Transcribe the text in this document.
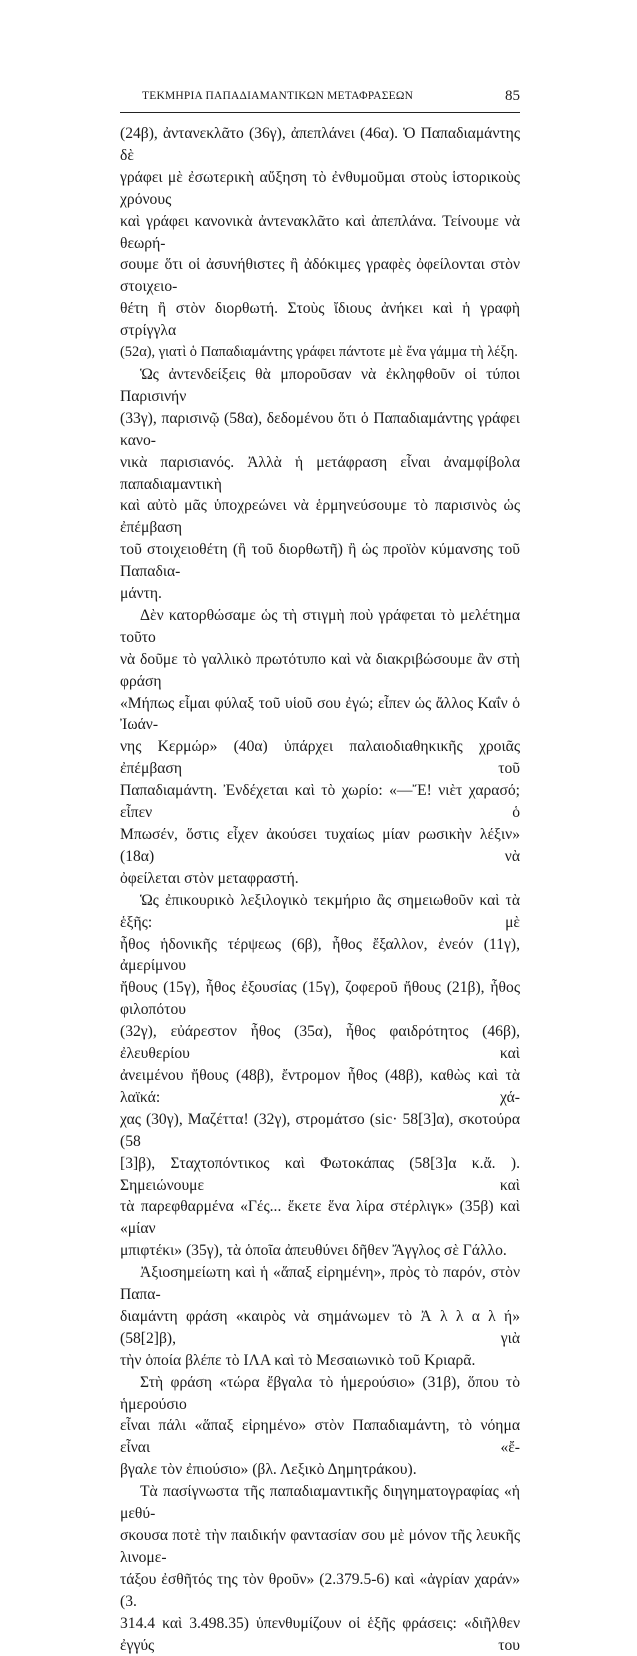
ΤΕΚΜΗΡΙΑ ΠΑΠΑΔΙΑΜΑΝΤΙΚΩΝ ΜΕΤΑΦΡΑΣΕΩΝ	85
(24β), ἀντανεκλᾶτο (36γ), ἀπεπλάνει (46α). Ὁ Παπαδιαμάντης δὲ
γράφει μὲ ἐσωτερικὴ αὔξηση τὸ ἐνθυμοῦμαι στοὺς ἱστορικοὺς χρόνους
καὶ γράφει κανονικὰ ἀντενακλᾶτο καὶ ἀπεπλάνα. Τείνουμε νὰ θεωρή-
σουμε ὅτι οἱ ἀσυνήθιστες ἢ ἀδόκιμες γραφὲς ὀφείλονται στὸν στοιχειο-
θέτη ἢ στὸν διορθωτή. Στοὺς ἴδιους ἀνήκει καὶ ἡ γραφὴ στρίγγλα
(52α), γιατὶ ὁ Παπαδιαμάντης γράφει πάντοτε μὲ ἕνα γάμμα τὴ λέξη.
Ὡς ἀντενδείξεις θὰ μποροῦσαν νὰ ἐκληφθοῦν οἱ τύποι Παρισινήν
(33γ), παρισινῷ (58α), δεδομένου ὅτι ὁ Παπαδιαμάντης γράφει κανο-
νικὰ παρισιανός. Ἀλλὰ ἡ μετάφραση εἶναι ἀναμφίβολα παπαδιαμαντικὴ
καὶ αὐτὸ μᾶς ὑποχρεώνει νὰ ἑρμηνεύσουμε τὸ παρισινὸς ὡς ἐπέμβαση
τοῦ στοιχειοθέτη (ἢ τοῦ διορθωτῆ) ἢ ὡς προϊὸν κύμανσης τοῦ Παπαδια-
μάντη.
Δὲν κατορθώσαμε ὡς τὴ στιγμὴ ποὺ γράφεται τὸ μελέτημα τοῦτο
νὰ δοῦμε τὸ γαλλικὸ πρωτότυπο καὶ νὰ διακριβώσουμε ἂν στὴ φράση
«Μήπως εἶμαι φύλαξ τοῦ υἱοῦ σου ἐγώ; εἶπεν ὡς ἄλλος Καΐν ὁ Ἰωάν-
νης Κερμώρ» (40α) ὑπάρχει παλαιοδιαθηκικῆς χροιᾶς ἐπέμβαση τοῦ
Παπαδιαμάντη. Ἐνδέχεται καὶ τὸ χωρίο: «—Ἔ! νιὲτ χαρασό; εἶπεν ὁ
Μπωσέν, ὅστις εἶχεν ἀκούσει τυχαίως μίαν ρωσικὴν λέξιν» (18α) νὰ
ὀφείλεται στὸν μεταφραστή.
Ὡς ἐπικουρικὸ λεξιλογικὸ τεκμήριο ἂς σημειωθοῦν καὶ τὰ ἑξῆς: μὲ
ἦθος ἡδονικῆς τέρψεως (6β), ἦθος ἔξαλλον, ἐνεόν (11γ), ἀμερίμνου
ἤθους (15γ), ἦθος ἐξουσίας (15γ), ζοφεροῦ ἤθους (21β), ἦθος φιλοπότου
(32γ), εὐάρεστον ἦθος (35α), ἦθος φαιδρότητος (46β), ἐλευθερίου καὶ
ἀνειμένου ἤθους (48β), ἔντρομον ἦθος (48β), καθὼς καὶ τὰ λαϊκά: χά-
χας (30γ), Μαζέττα! (32γ), στρομάτσο (sic· 58[3]α), σκοτούρα (58
[3]β), Σταχτοπόντικος καὶ Φωτοκάπας (58[3]α κ.ἄ. ). Σημειώνουμε καὶ
τὰ παρεφθαρμένα «Γές... ἔκετε ἕνα λίρα στέρλιγκ» (35β) καὶ «μίαν
μπιφτέκι» (35γ), τὰ ὁποῖα ἀπευθύνει δῆθεν Ἄγγλος σὲ Γάλλο.
Ἀξιοσημείωτη καὶ ἡ «ἅπαξ εἰρημένη», πρὸς τὸ παρόν, στὸν Παπα-
διαμάντη φράση «καιρὸς νὰ σημάνωμεν τὸ Ἀ λ λ α λ ή» (58[2]β), γιὰ
τὴν ὁποία βλέπε τὸ ΙΛΑ καὶ τὸ Μεσαιωνικὸ τοῦ Κριαρᾶ.
Στὴ φράση «τώρα ἔβγαλα τὸ ἡμερούσιο» (31β), ὅπου τὸ ἡμερούσιο
εἶναι πάλι «ἅπαξ εἰρημένο» στὸν Παπαδιαμάντη, τὸ νόημα εἶναι «ἔ-
βγαλε τὸν ἐπιούσιο» (βλ. Λεξικὸ Δημητράκου).
Τὰ πασίγνωστα τῆς παπαδιαμαντικῆς διηγηματογραφίας «ἡ μεθύ-
σκουσα ποτὲ τὴν παιδικήν φαντασίαν σου μὲ μόνον τῆς λευκῆς λινομε-
τάξου ἐσθῆτός της τὸν θρoῦν» (2.379.5-6) καὶ «ἀγρίαν χαράν» (3.
314.4 καὶ 3.498.35) ὑπενθυμίζουν οἱ ἑξῆς φράσεις: «διῆλθεν ἐγγύς του
